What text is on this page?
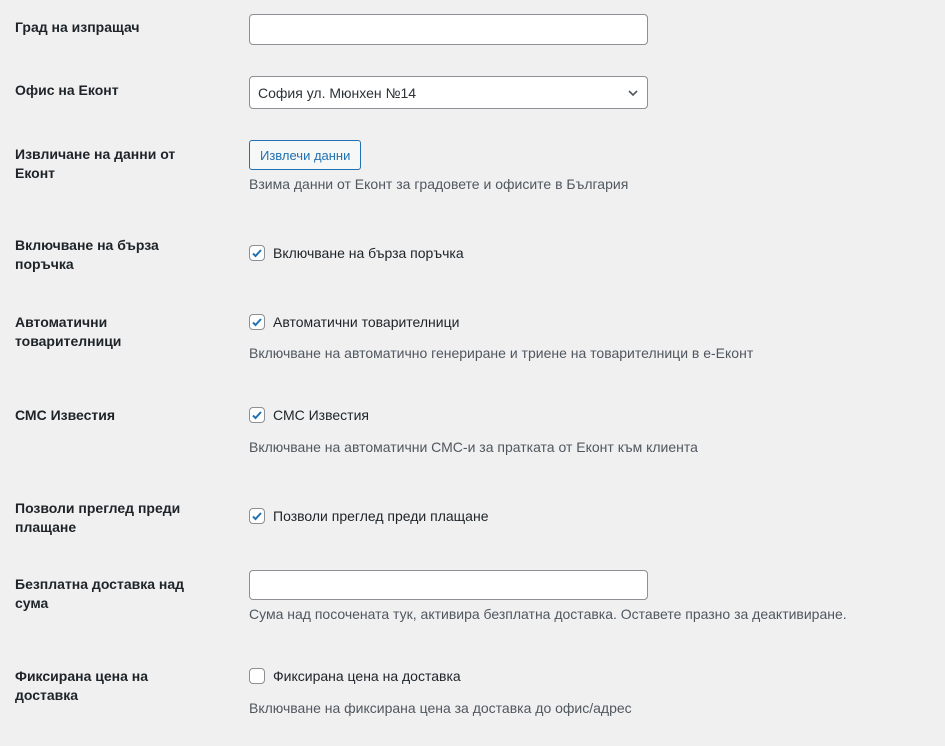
Град на изпращач
Офис на Еконт	София ул. Мюнхен №14
Извличане на данни от Еконт
Извлечи данни
Взима данни от Еконт за градовете и офисите в България
Включване на бърза поръчка
Включване на бърза поръчка
Автоматични товарителници
Автоматични товарителници
Включване на автоматично генериране и триене на товарителници в е-Еконт
СМС Известия	СМС Известия
Включване на автоматични СМС-и за пратката от Еконт към клиента
Позволи преглед преди плащане
Позволи преглед преди плащане
Безплатна доставка над сума
Сума над посочената тук, активира безплатна доставка. Оставете празно за деактивиране.
Фиксирана цена на доставка
Фиксирана цена на доставка
Включване на фиксирана цена за доставка до офис/адрес
